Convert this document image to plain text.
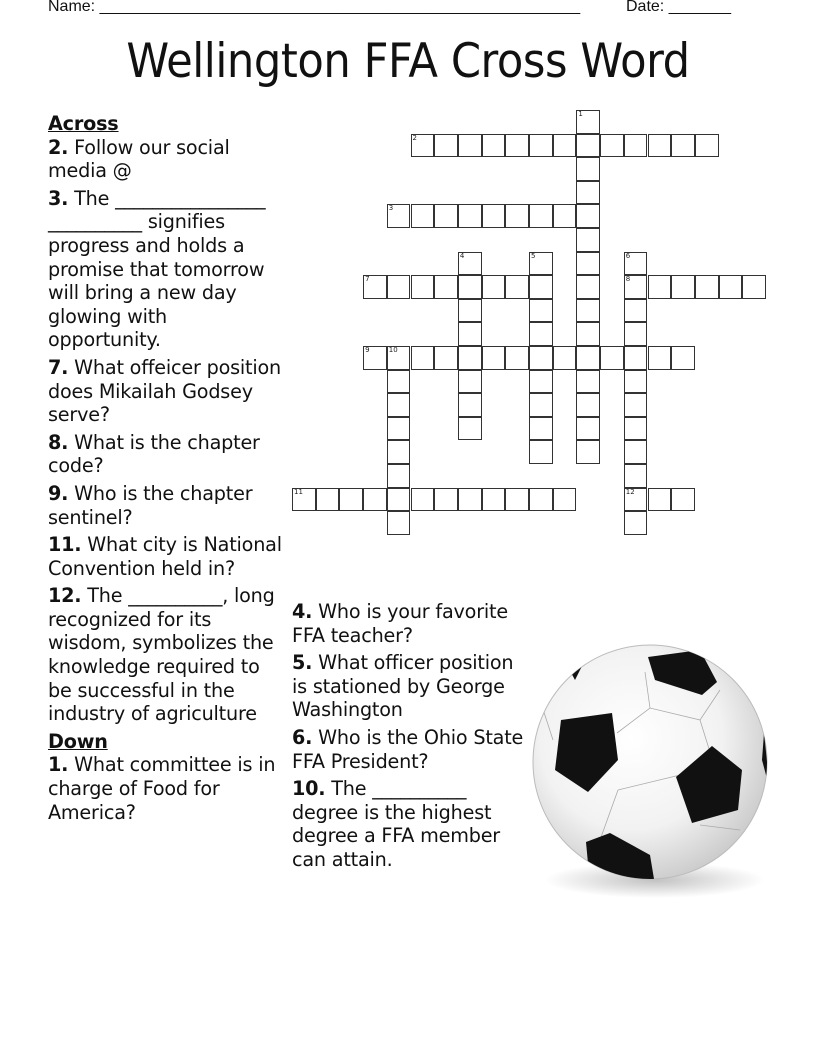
Name: ______________________________________________________	Date: _______
Wellington FFA Cross Word
Across
2. Follow our social media @
3. The ________________ __________ signifies progress and holds a promise that tomorrow will bring a new day glowing with opportunity.
7. What offeicer position does Mikailah Godsey serve?
8. What is the chapter code?
9. Who is the chapter sentinel?
11. What city is National Convention held in?
12. The __________, long recognized for its wisdom, symbolizes the knowledge required to be successful in the industry of agriculture
Down
1. What committee is in charge of Food for America?
4. Who is your favorite FFA teacher?
5. What officer position is stationed by George Washington
6. Who is the Ohio State FFA President?
10. The __________ degree is the highest degree a FFA member can attain.
1
2
3
4	5	6
8
12
7
9	10
11
